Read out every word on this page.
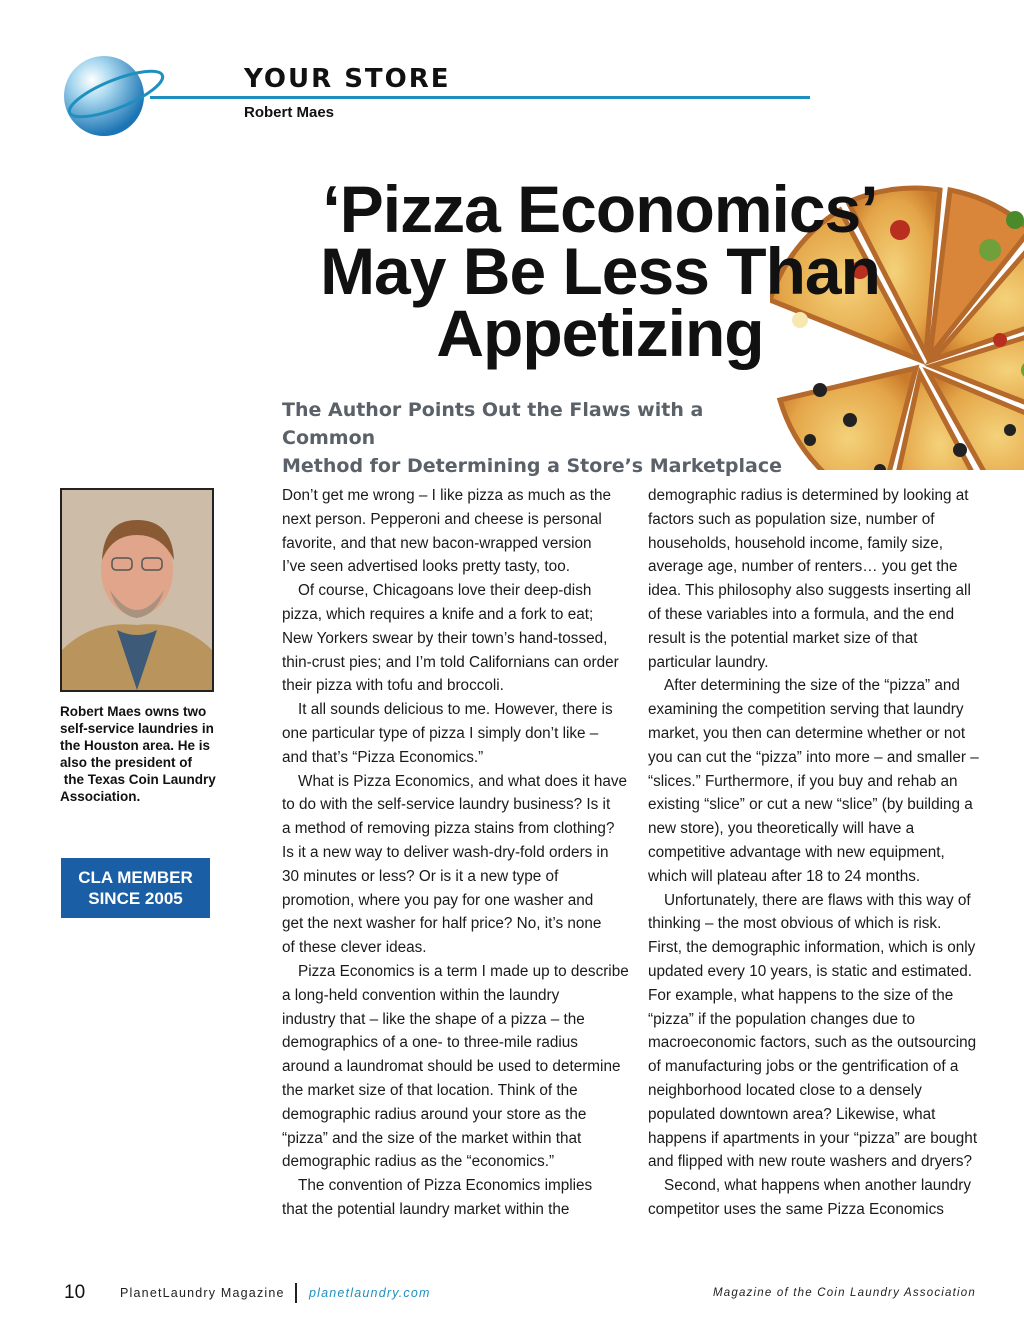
YOUR STORE
Robert Maes
‘Pizza Economics’
May Be Less Than
Appetizing
The Author Points Out the Flaws with a Common
Method for Determining a Store’s Marketplace
Robert Maes owns two
self-service laundries in
the Houston area. He is
also the president of
the Texas Coin Laundry
Association.
CLA MEMBER
SINCE 2005
Don’t get me wrong – I like pizza as much as the
next person. Pepperoni and cheese is personal
favorite, and that new bacon-wrapped version
I’ve seen advertised looks pretty tasty, too.
Of course, Chicagoans love their deep-dish
pizza, which requires a knife and a fork to eat;
New Yorkers swear by their town’s hand-tossed,
thin-crust pies; and I’m told Californians can order
their pizza with tofu and broccoli.
It all sounds delicious to me. However, there is
one particular type of pizza I simply don’t like –
and that’s “Pizza Economics.”
What is Pizza Economics, and what does it have
to do with the self-service laundry business? Is it
a method of removing pizza stains from clothing?
Is it a new way to deliver wash-dry-fold orders in
30 minutes or less? Or is it a new type of
promotion, where you pay for one washer and
get the next washer for half price? No, it’s none
of these clever ideas.
Pizza Economics is a term I made up to describe
a long-held convention within the laundry
industry that – like the shape of a pizza – the
demographics of a one- to three-mile radius
around a laundromat should be used to determine
the market size of that location. Think of the
demographic radius around your store as the
“pizza” and the size of the market within that
demographic radius as the “economics.”
The convention of Pizza Economics implies
that the potential laundry market within the
demographic radius is determined by looking at
factors such as population size, number of
households, household income, family size,
average age, number of renters… you get the
idea. This philosophy also suggests inserting all
of these variables into a formula, and the end
result is the potential market size of that
particular laundry.
After determining the size of the “pizza” and
examining the competition serving that laundry
market, you then can determine whether or not
you can cut the “pizza” into more – and smaller –
“slices.” Furthermore, if you buy and rehab an
existing “slice” or cut a new “slice” (by building a
new store), you theoretically will have a
competitive advantage with new equipment,
which will plateau after 18 to 24 months.
Unfortunately, there are flaws with this way of
thinking – the most obvious of which is risk.
First, the demographic information, which is only
updated every 10 years, is static and estimated.
For example, what happens to the size of the
“pizza” if the population changes due to
macroeconomic factors, such as the outsourcing
of manufacturing jobs or the gentrification of a
neighborhood located close to a densely
populated downtown area? Likewise, what
happens if apartments in your “pizza” are bought
and flipped with new route washers and dryers?
Second, what happens when another laundry
competitor uses the same Pizza Economics
10	PlanetLaundry Magazine planetlaundry.com	Magazine of the Coin Laundry Association
